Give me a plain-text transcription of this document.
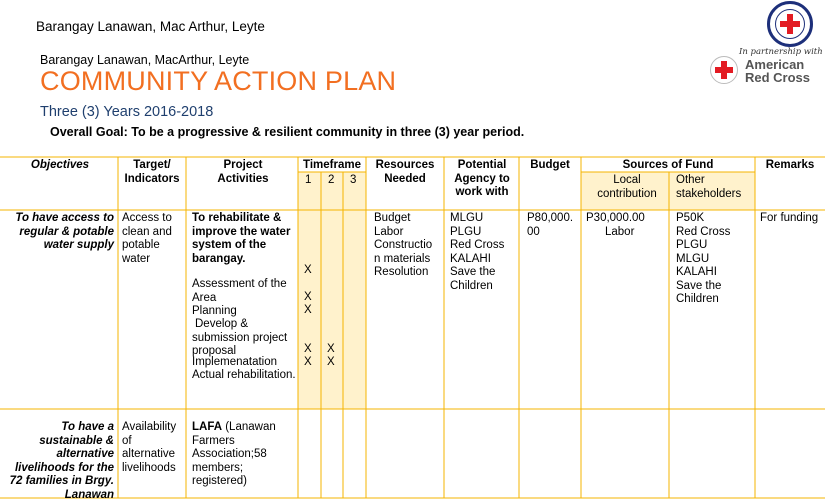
Barangay Lanawan, Mac Arthur, Leyte
Barangay Lanawan, MacArthur, Leyte
COMMUNITY ACTION PLAN
Three (3) Years 2016-2018
Overall Goal: To be a progressive & resilient community in three (3) year period.
In partnership with
American
Red Cross
Objectives	Target/ Indicators
Project Activities
Timeframe
1 2 3
Resources Needed
Potential Agency to work with
Budget	Sources of Fund
Local contribution
Other stakeholders
Remarks
To have access to regular & potable water supply
Access to clean and potable water
To rehabilitate & improve the water system of the barangay.
Assessment of the Area
Planning
Develop & submission project proposal
Implemenatation
Actual rehabilitation.
X
X
X
X X
X X
Budget
Labor
Constructio
n materials
Resolution
MLGU
PLGU
Red Cross
KALAHI
Save the
Children
P80,000.
00
P30,000.00
Labor
P50K
Red Cross
PLGU
MLGU
KALAHI
Save the
Children
For funding
To have a sustainable & alternative livelihoods for the 72 families in Brgy. Lanawan
Availability of alternative livelihoods
LAFA (Lanawan Farmers Association;58 members; registered)
